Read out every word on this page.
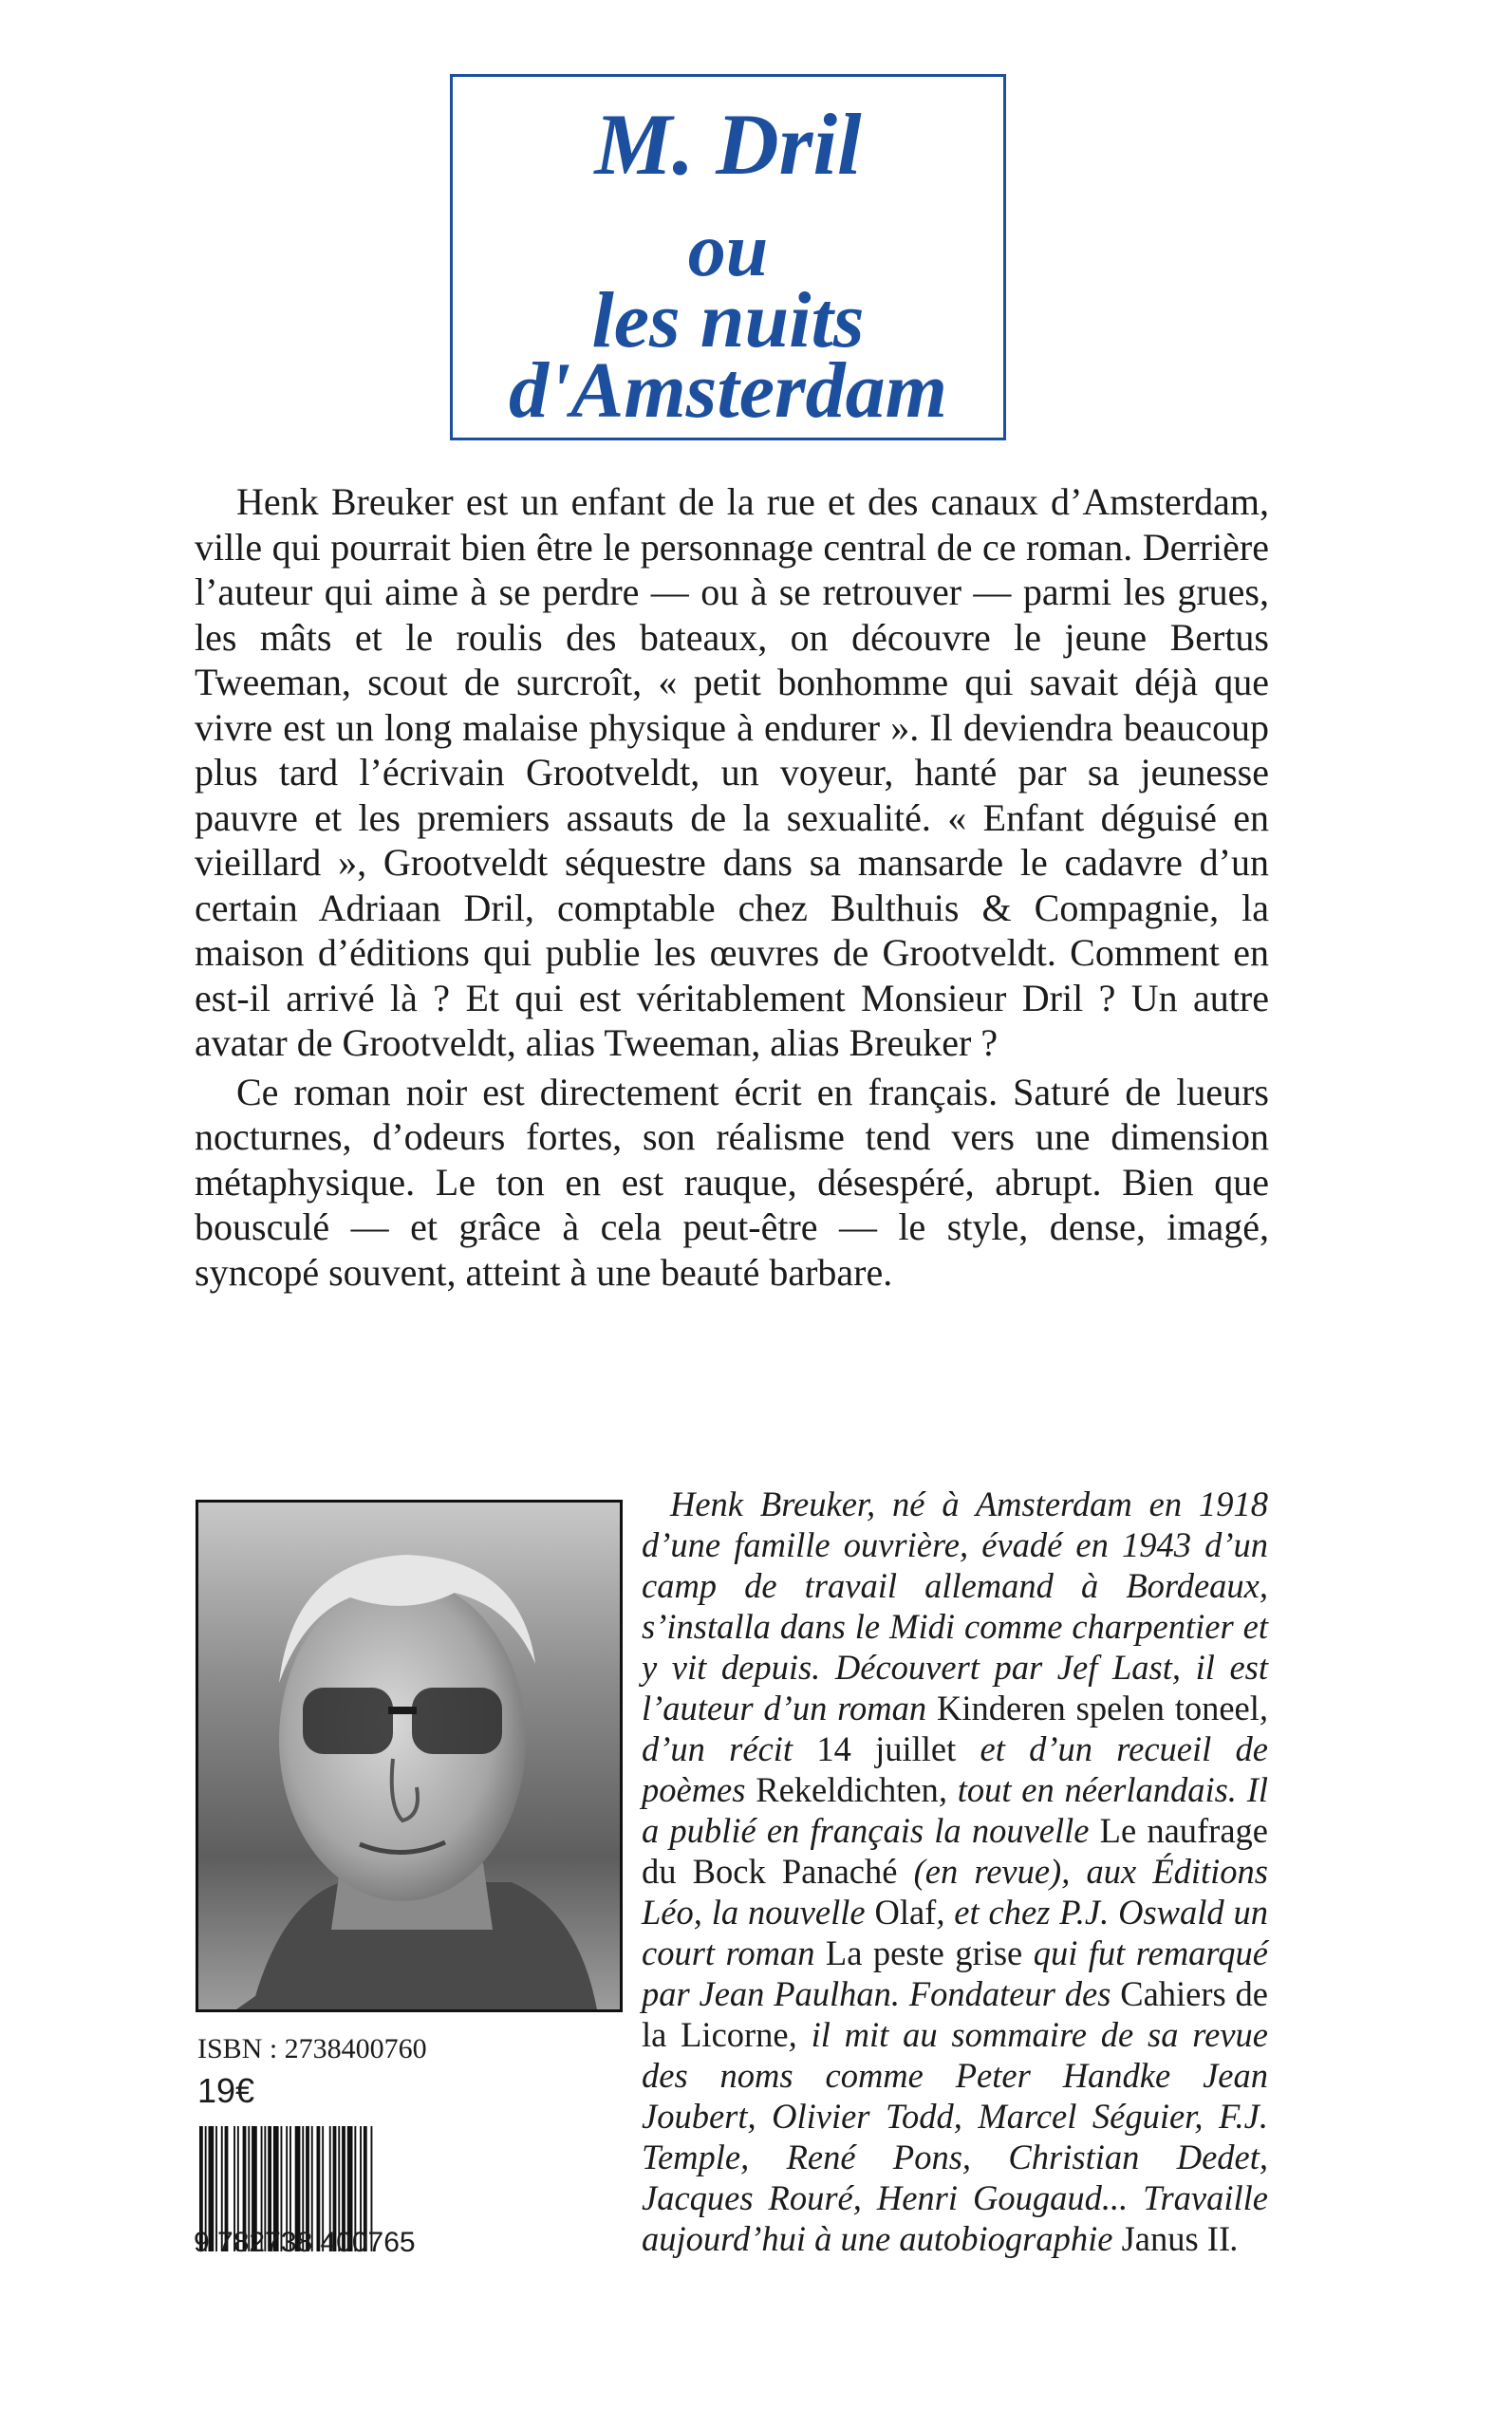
M. Dril
ou
les nuits
d'Amsterdam

Henk Breuker est un enfant de la rue et des canaux d’Amsterdam, ville qui pourrait bien être le personnage central de ce roman. Derrière l’auteur qui aime à se perdre — ou à se retrouver — parmi les grues, les mâts et le roulis des bateaux, on découvre le jeune Bertus Tweeman, scout de surcroît, « petit bonhomme qui savait déjà que vivre est un long malaise physique à endurer ». Il deviendra beaucoup plus tard l’écrivain Grootveldt, un voyeur, hanté par sa jeunesse pauvre et les premiers assauts de la sexualité. « Enfant déguisé en vieillard », Grootveldt séquestre dans sa mansarde le cadavre d’un certain Adriaan Dril, comptable chez Bulthuis & Compagnie, la maison d’éditions qui publie les œuvres de Grootveldt. Comment en est-il arrivé là ? Et qui est véritablement Monsieur Dril ? Un autre avatar de Grootveldt, alias Tweeman, alias Breuker ?

Ce roman noir est directement écrit en français. Saturé de lueurs nocturnes, d’odeurs fortes, son réalisme tend vers une dimension métaphysique. Le ton en est rauque, désespéré, abrupt. Bien que bousculé — et grâce à cela peut-être — le style, dense, imagé, syncopé souvent, atteint à une beauté barbare.

Henk Breuker, né à Amsterdam en 1918 d’une famille ouvrière, évadé en 1943 d’un camp de travail allemand à Bordeaux, s’installa dans le Midi comme charpentier et y vit depuis. Découvert par Jef Last, il est l’auteur d’un roman Kinderen spelen toneel, d’un récit 14 juillet et d’un recueil de poèmes Rekeldichten, tout en néerlandais. Il a publié en français la nouvelle Le naufrage du Bock Panaché (en revue), aux Éditions Léo, la nouvelle Olaf, et chez P.J. Oswald un court roman La peste grise qui fut remarqué par Jean Paulhan. Fondateur des Cahiers de la Licorne, il mit au sommaire de sa revue des noms comme Peter Handke Jean Joubert, Olivier Todd, Marcel Séguier, F.J. Temple, René Pons, Christian Dedet, Jacques Rouré, Henri Gougaud... Travaille aujourd’hui à une autobiographie Janus II.

ISBN : 2738400760
19€
9 782738 400765
